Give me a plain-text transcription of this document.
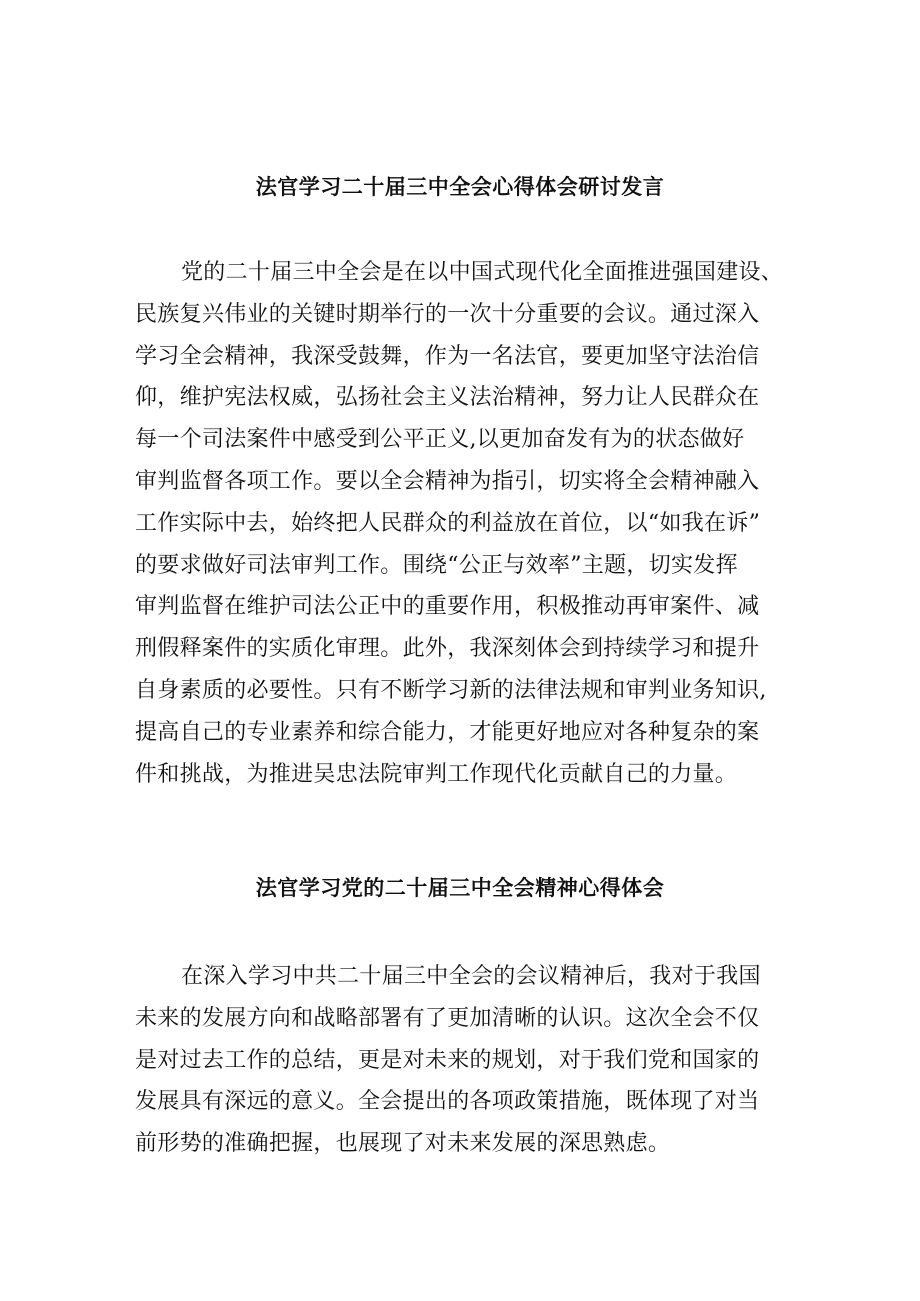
法官学习二十届三中全会心得体会研讨发言
党的二十届三中全会是在以中国式现代化全面推进强国建设、
民族复兴伟业的关键时期举行的一次十分重要的会议。通过深入
学习全会精神，我深受鼓舞，作为一名法官，要更加坚守法治信
仰，维护宪法权威，弘扬社会主义法治精神，努力让人民群众在
每一个司法案件中感受到公平正义,以更加奋发有为的状态做好
审判监督各项工作。要以全会精神为指引，切实将全会精神融入
工作实际中去，始终把人民群众的利益放在首位，以“如我在诉”
的要求做好司法审判工作。围绕“公正与效率”主题，切实发挥
审判监督在维护司法公正中的重要作用，积极推动再审案件、减
刑假释案件的实质化审理。此外，我深刻体会到持续学习和提升
自身素质的必要性。只有不断学习新的法律法规和审判业务知识,
提高自己的专业素养和综合能力，才能更好地应对各种复杂的案
件和挑战，为推进吴忠法院审判工作现代化贡献自己的力量。
法官学习党的二十届三中全会精神心得体会
在深入学习中共二十届三中全会的会议精神后，我对于我国
未来的发展方向和战略部署有了更加清晰的认识。这次全会不仅
是对过去工作的总结，更是对未来的规划，对于我们党和国家的
发展具有深远的意义。全会提出的各项政策措施，既体现了对当
前形势的准确把握，也展现了对未来发展的深思熟虑。
